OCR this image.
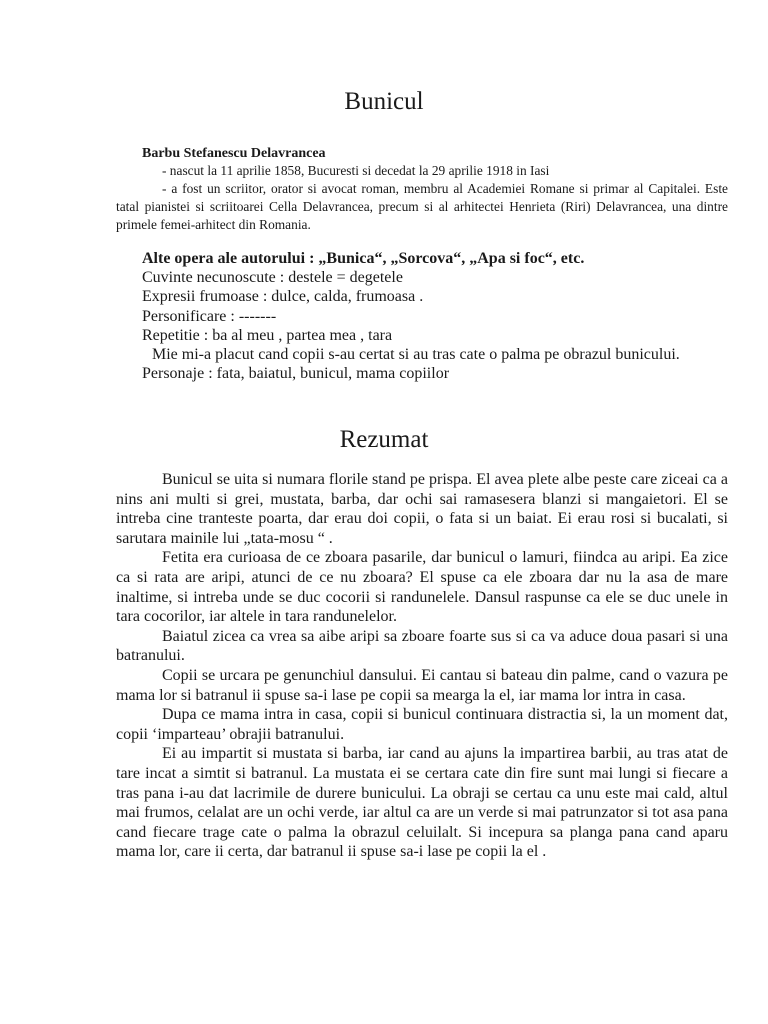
Bunicul

Barbu Stefanescu Delavrancea

- nascut la 11 aprilie 1858, Bucuresti si decedat la 29 aprilie 1918 in Iasi

- a fost un scriitor, orator si avocat roman, membru al Academiei Romane si primar al Capitalei. Este tatal pianistei si scriitoarei Cella Delavrancea, precum si al arhitectei Henrieta (Riri) Delavrancea, una dintre primele femei-arhitect din Romania.

Alte opera ale autorului : „Bunica“, „Sorcova“, „Apa si foc“, etc.

Cuvinte necunoscute : destele = degetele

Expresii frumoase : dulce, calda, frumoasa .

Personificare : -------

Repetitie : ba al meu , partea mea , tara

Mie mi-a placut cand copii s-au certat si au tras cate o palma pe obrazul bunicului.

Personaje : fata, baiatul, bunicul, mama copiilor

Rezumat

Bunicul se uita si numara florile stand pe prispa. El avea plete albe peste care ziceai ca a nins ani multi si grei, mustata, barba, dar ochi sai ramasesera blanzi si mangaietori. El se intreba cine tranteste poarta, dar erau doi copii, o fata si un baiat. Ei erau rosi si bucalati, si sarutara mainile lui „tata-mosu “ .

Fetita era curioasa de ce zboara pasarile, dar bunicul o lamuri, fiindca au aripi. Ea zice ca si rata are aripi, atunci de ce nu zboara? El spuse ca ele zboara dar nu la asa de mare inaltime, si intreba unde se duc cocorii si randunelele. Dansul raspunse ca ele se duc unele in tara cocorilor, iar altele in tara randunelelor.

Baiatul zicea ca vrea sa aibe aripi sa zboare foarte sus si ca va aduce doua pasari si una batranului.

Copii se urcara pe genunchiul dansului. Ei cantau si bateau din palme, cand o vazura pe mama lor si batranul ii spuse sa-i lase pe copii sa mearga la el, iar mama lor intra in casa.

Dupa ce mama intra in casa, copii si bunicul continuara distractia si, la un moment dat, copii ‘imparteau’ obrajii batranului.

Ei au impartit si mustata si barba, iar cand au ajuns la impartirea barbii, au tras atat de tare incat a simtit si batranul. La mustata ei se certara cate din fire sunt mai lungi si fiecare a tras pana i-au dat lacrimile de durere bunicului. La obraji se certau ca unu este mai cald, altul mai frumos, celalat are un ochi verde, iar altul ca are un verde si mai patrunzator si tot asa pana cand fiecare trage cate o palma la obrazul celuilalt. Si incepura sa planga pana cand aparu mama lor, care ii certa, dar batranul ii spuse sa-i lase pe copii la el .
